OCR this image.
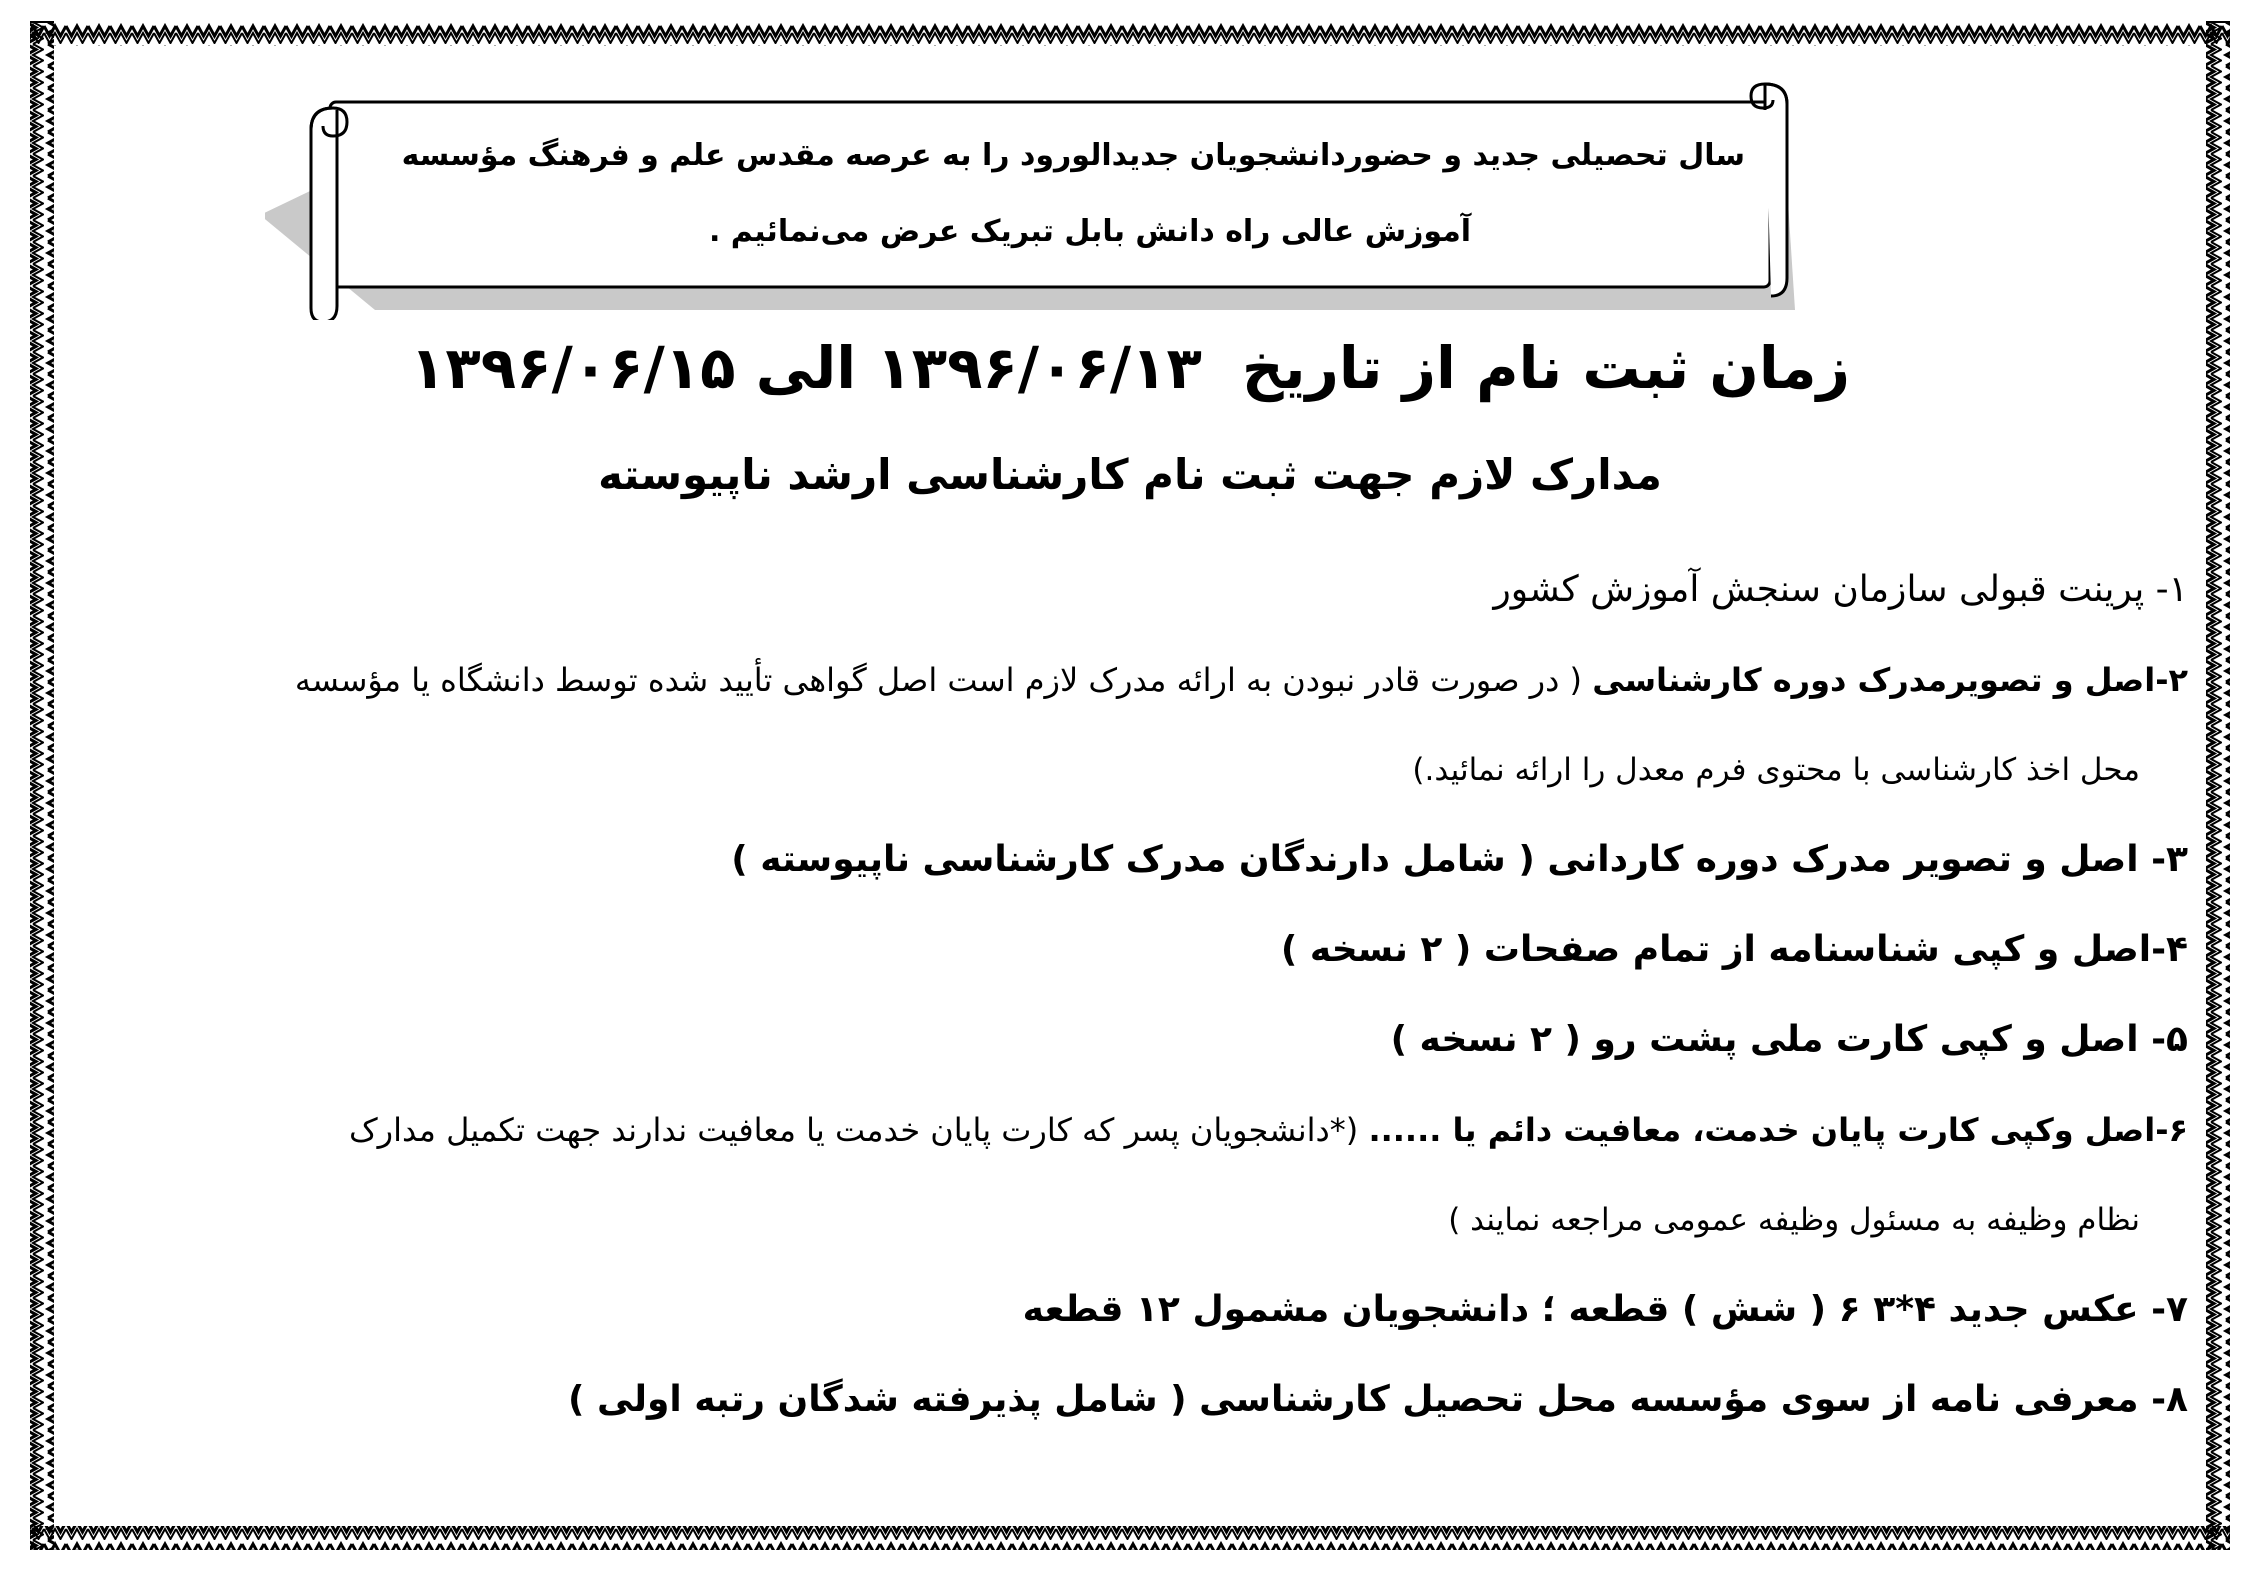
سال تحصیلی جدید و حضوردانشجویان جدیدالورود را به عرصه مقدس علم و فرهنگ مؤسسه
آموزش عالی راه دانش بابل تبریک عرض می‌نمائیم .
زمان ثبت نام از تاریخ۱۳۹۶/۰۶/۱۳ الی ۱۳۹۶/۰۶/۱۵
مدارک لازم جهت ثبت نام کارشناسی ارشد ناپیوسته
۱- پرینت قبولی سازمان سنجش آموزش کشور
۲-اصل و تصویرمدرک دوره کارشناسی ( در صورت قادر نبودن به ارائه مدرک لازم است اصل گواهی تأیید شده توسط دانشگاه یا مؤسسه
محل اخذ کارشناسی با محتوی فرم معدل را ارائه نمائید.)
۳- اصل و تصویر مدرک دوره کاردانی ( شامل دارندگان مدرک کارشناسی ناپیوسته )
۴-اصل و کپی شناسنامه از تمام صفحات ( ۲ نسخه )
۵- اصل و کپی کارت ملی پشت رو ( ۲ نسخه )
۶-اصل وکپی کارت پایان خدمت، معافیت دائم یا ...... (*دانشجویان پسر که کارت پایان خدمت یا معافیت ندارند جهت تکمیل مدارک
نظام وظیفه به مسئول وظیفه عمومی مراجعه نمایند )
۷- عکس جدید ۴*۳ ۶ ( شش ) قطعه ؛ دانشجویان مشمول ۱۲ قطعه
۸- معرفی نامه از سوی مؤسسه محل تحصیل کارشناسی ( شامل پذیرفته شدگان رتبه اولی )
